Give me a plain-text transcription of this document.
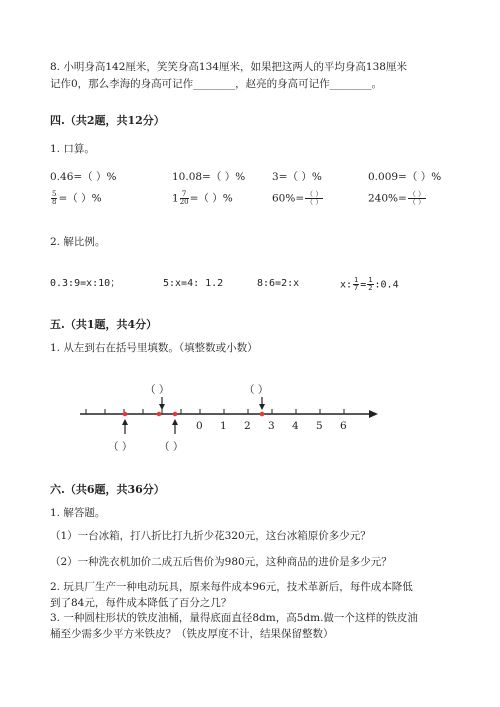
8. 小明身高142厘米，笑笑身高134厘米，如果把这两人的平均身高138厘米
记作0，那么李海的身高可记作________，赵亮的身高可记作________。
四.（共2题，共12分）
1. 口算。
0.46=（ ）%	10.08=（ ）%	3=（ ）%	0.009=（ ）%
$\frac{5}{8}$ =（ ）%	$1 \frac{7}{20}$ =（ ）%	$60\%= \frac{( )}{( )}$	$240\%= \frac{( )}{( )}$
2. 解比例。
0.3:9=x:10；	5:x=4: 1.2	8:6=2:x	x: $\frac{1}{7} = \frac{1}{2}$ :0.4
五.（共1题，共4分）
1. 从左到右在括号里填数。（填整数或小数）
（ ）	（ ）
（ ）	（ ）
0 1 2 3 4 5 6
六.（共6题，共36分）
1. 解答题。
（1）一台冰箱，打八折比打九折少花320元，这台冰箱原价多少元？
（2）一种洗衣机加价二成五后售价为980元，这种商品的进价是多少元？
2. 玩具厂生产一种电动玩具，原来每件成本96元，技术革新后，每件成本降低
到了84元，每件成本降低了百分之几？
3. 一种圆柱形状的铁皮油桶，量得底面直径8dm，高5dm.做一个这样的铁皮油
桶至少需多少平方米铁皮？（铁皮厚度不计，结果保留整数）
